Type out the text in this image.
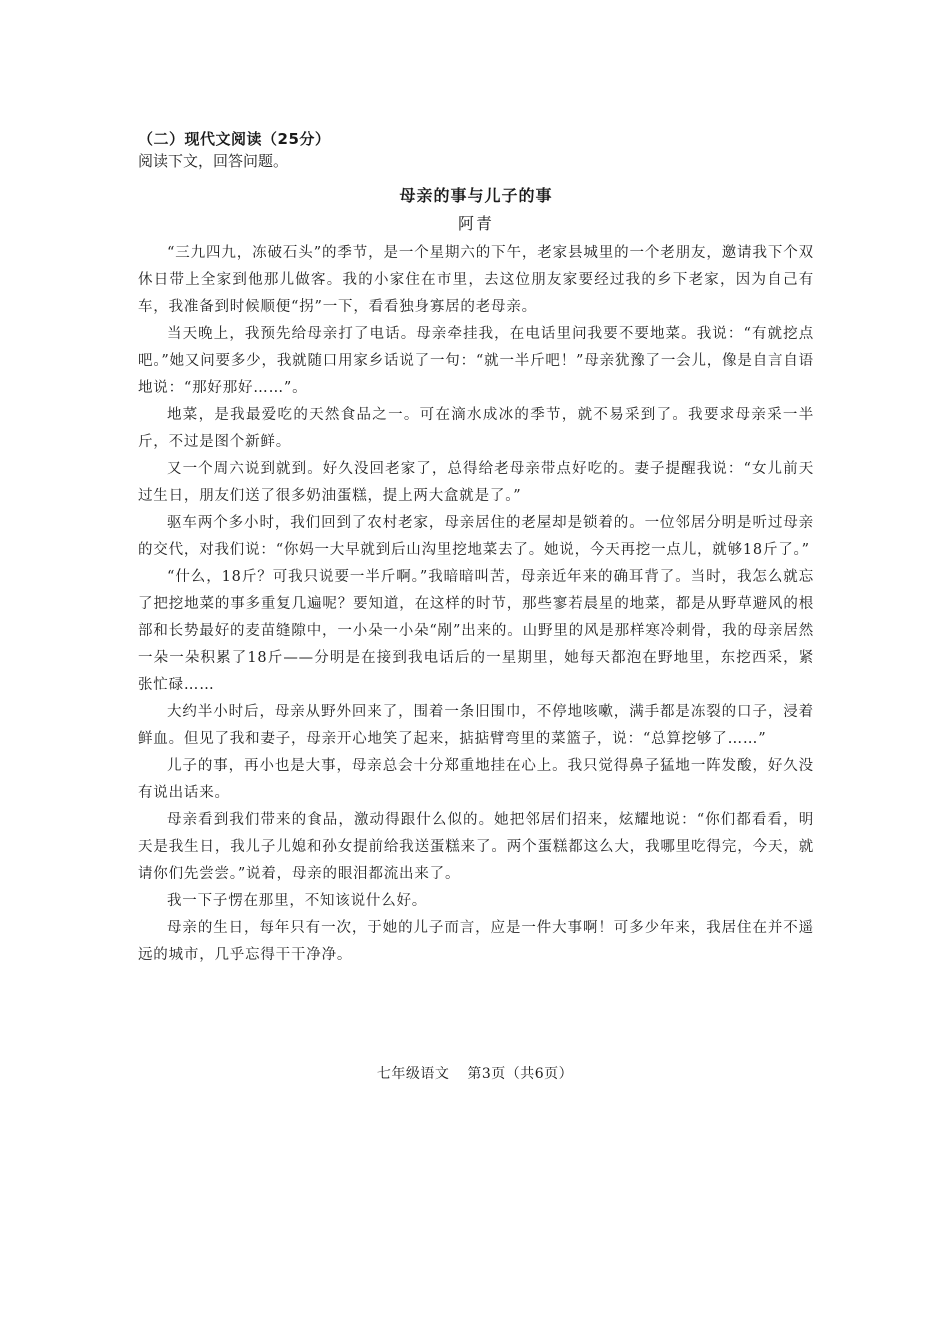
（二）现代文阅读（25分）

阅读下文，回答问题。

母亲的事与儿子的事
阿青

“三九四九，冻破石头”的季节，是一个星期六的下午，老家县城里的一个老朋友，邀请我下个双休日带上全家到他那儿做客。我的小家住在市里，去这位朋友家要经过我的乡下老家，因为自己有车，我准备到时候顺便“拐”一下，看看独身寡居的老母亲。

当天晚上，我预先给母亲打了电话。母亲牵挂我，在电话里问我要不要地菜。我说：“有就挖点吧。”她又问要多少，我就随口用家乡话说了一句：“就一半斤吧！”母亲犹豫了一会儿，像是自言自语地说：“那好那好……”。

地菜，是我最爱吃的天然食品之一。可在滴水成冰的季节，就不易采到了。我要求母亲采一半斤，不过是图个新鲜。

又一个周六说到就到。好久没回老家了，总得给老母亲带点好吃的。妻子提醒我说：“女儿前天过生日，朋友们送了很多奶油蛋糕，提上两大盒就是了。”

驱车两个多小时，我们回到了农村老家，母亲居住的老屋却是锁着的。一位邻居分明是听过母亲的交代，对我们说：“你妈一大早就到后山沟里挖地菜去了。她说，今天再挖一点儿，就够18斤了。”

“什么，18斤？可我只说要一半斤啊。”我暗暗叫苦，母亲近年来的确耳背了。当时，我怎么就忘了把挖地菜的事多重复几遍呢？要知道，在这样的时节，那些寥若晨星的地菜，都是从野草避风的根部和长势最好的麦苗缝隙中，一小朵一小朵“剐”出来的。山野里的风是那样寒冷刺骨，我的母亲居然一朵一朵积累了18斤——分明是在接到我电话后的一星期里，她每天都泡在野地里，东挖西采，紧张忙碌……

大约半小时后，母亲从野外回来了，围着一条旧围巾，不停地咳嗽，满手都是冻裂的口子，浸着鲜血。但见了我和妻子，母亲开心地笑了起来，掂掂臂弯里的菜篮子，说：“总算挖够了……”

儿子的事，再小也是大事，母亲总会十分郑重地挂在心上。我只觉得鼻子猛地一阵发酸，好久没有说出话来。

母亲看到我们带来的食品，激动得跟什么似的。她把邻居们招来，炫耀地说：“你们都看看，明天是我生日，我儿子儿媳和孙女提前给我送蛋糕来了。两个蛋糕都这么大，我哪里吃得完，今天，就请你们先尝尝。”说着，母亲的眼泪都流出来了。

我一下子愣在那里，不知该说什么好。

母亲的生日，每年只有一次，于她的儿子而言，应是一件大事啊！可多少年来，我居住在并不遥远的城市，几乎忘得干干净净。

七年级语文 第3页（共6页）
